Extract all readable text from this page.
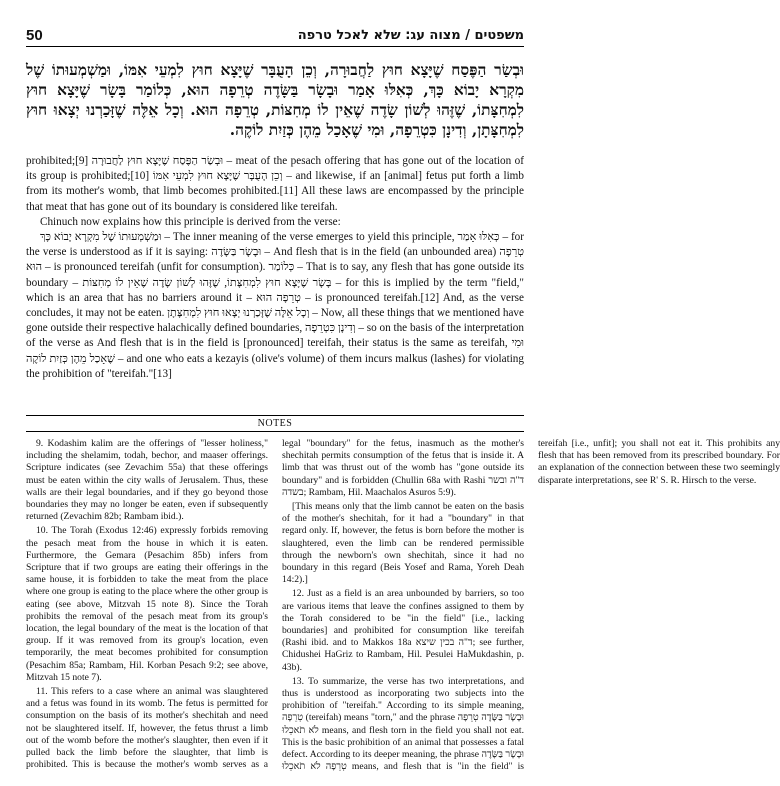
50	משפטים / מצוה עג: שלא לאכל טרפה
וּבְשַׂר הַפֶּסַח שֶׁיָּצָא חוּץ לַחֲבוּרָה, וְכֵן הָעֻבָּר שֶׁיָּצָא חוּץ לִמְעֵי אִמּוֹ, וּמַשְׁמְעוּתוֹ שֶׁל מִקְרָא יָבוֹא כָּךְ, כְּאִלּוּ אָמַר וּבָשָׂר בַּשָּׂדֶה טְרֵפָה הוּא, כְּלוֹמַר בָּשָׂר שֶׁיָּצָא חוּץ לִמְחִצָּתוֹ, שֶׁזֶּהוּ לְשׁוֹן שָׂדֶה שֶׁאֵין לוֹ מְחִצּוֹת, טְרֵפָה הוּא. וְכָל אֵלֶּה שֶׁזָּכַרְנוּ יְצָאוּ חוּץ לִמְחִצָּתָן, וְדִינָן כִּטְרֵפָה, וּמִי שֶׁאָכַל מֵהֶן כְּזַיִת לוֹקֶה.

prohibited;[9] וּבְשַׂר הַפֶּסַח שֶׁיָּצָא חוּץ לַחֲבוּרָה – meat of the pesach offering that has gone out of the location of its group is prohibited;[10] וְכֵן הָעֻבָּר שֶׁיָּצָא חוּץ לִמְעֵי אִמּוֹ – and likewise, if an [animal] fetus put forth a limb from its mother's womb, that limb becomes prohibited.[11] All these laws are encompassed by the principle that meat that has gone out of its boundary is considered like tereifah.

Chinuch now explains how this principle is derived from the verse:

וּמַשְׁמְעוּתוֹ שֶׁל מִקְרָא יָבוֹא כָּךְ – The inner meaning of the verse emerges to yield this principle, כְּאִלּוּ אָמַר – for the verse is understood as if it is saying: וּבָשָׂר בַּשָּׂדֶה – And flesh that is in the field (an unbounded area) טְרֵפָה הוּא – is pronounced tereifah (unfit for consumption). כְּלוֹמַר – That is to say, any flesh that has gone outside its boundary – בָּשָׂר שֶׁיָּצָא חוּץ לִמְחִצָּתוֹ, שֶׁזֶּהוּ לְשׁוֹן שָׂדֶה שֶׁאֵין לוֹ מְחִצּוֹת – for this is implied by the term "field," which is an area that has no barriers around it – טְרֵפָה הוּא – is pronounced tereifah.[12] And, as the verse concludes, it may not be eaten. וְכָל אֵלֶּה שֶׁזָּכַרְנוּ יְצָאוּ חוּץ לִמְחִצָּתָן – Now, all these things that we mentioned have gone outside their respective halachically defined boundaries, וְדִינָן כִּטְרֵפָה – so on the basis of the interpretation of the verse as And flesh that is in the field is [pronounced] tereifah, their status is the same as tereifah, וּמִי שֶׁאָכַל מֵהֶן כְּזַיִת לוֹקֶה – and one who eats a kezayis (olive's volume) of them incurs malkus (lashes) for violating the prohibition of "tereifah."[13]

NOTES

9. Kodashim kalim are the offerings of "lesser holiness," including the shelamim, todah, bechor, and maaser offerings. Scripture indicates (see Zevachim 55a) that these offerings must be eaten within the city walls of Jerusalem. Thus, these walls are their legal boundaries, and if they go beyond those boundaries they may no longer be eaten, even if subsequently returned (Zevachim 82b; Rambam ibid.).

10. The Torah (Exodus 12:46) expressly forbids removing the pesach meat from the house in which it is eaten. Furthermore, the Gemara (Pesachim 85b) infers from Scripture that if two groups are eating their offerings in the same house, it is forbidden to take the meat from the place where one group is eating to the place where the other group is eating (see above, Mitzvah 15 note 8). Since the Torah prohibits the removal of the pesach meat from its group's location, the legal boundary of the meat is the location of that group. If it was removed from its group's location, even temporarily, the meat becomes prohibited for consumption (Pesachim 85a; Rambam, Hil. Korban Pesach 9:2; see above, Mitzvah 15 note 7).

11. This refers to a case where an animal was slaughtered and a fetus was found in its womb. The fetus is permitted for consumption on the basis of its mother's shechitah and need not be slaughtered itself. If, however, the fetus thrust a limb out of the womb before the mother's slaughter, then even if it pulled back the limb before the slaughter, that limb is prohibited. This is because the mother's womb serves as a legal "boundary" for the fetus, inasmuch as the mother's shechitah permits consumption of the fetus that is inside it. A limb that was thrust out of the womb has "gone outside its boundary" and is forbidden (Chullin 68a with Rashi ד"ה ובשר בשדה; Rambam, Hil. Maachalos Asuros 5:9).

[This means only that the limb cannot be eaten on the basis of the mother's shechitah, for it had a "boundary" in that regard only. If, however, the fetus is born before the mother is slaughtered, even the limb can be rendered permissible through the newborn's own shechitah, since it had no boundary in this regard (Beis Yosef and Rama, Yoreh Deah 14:2).]

12. Just as a field is an area unbounded by barriers, so too are various items that leave the confines assigned to them by the Torah considered to be "in the field" [i.e., lacking boundaries] and prohibited for consumption like tereifah (Rashi ibid. and to Makkos 18a ד"ה בכין שיצא; see further, Chidushei HaGriz to Rambam, Hil. Pesulei HaMukdashin, p. 43b).

13. To summarize, the verse has two interpretations, and thus is understood as incorporating two subjects into the prohibition of "tereifah." According to its simple meaning, טְרֵפָה (tereifah) means "torn," and the phrase וּבָשָׂר בַּשָּׂדֶה טְרֵפָה לֹא תֹאכֵלוּ means, and flesh torn in the field you shall not eat. This is the basic prohibition of an animal that possesses a fatal defect. According to its deeper meaning, the phrase וּבָשָׂר בַּשָּׂדֶה טְרֵפָה לֹא תֹאכֵלוּ means, and flesh that is "in the field" is tereifah [i.e., unfit]; you shall not eat it. This prohibits any flesh that has been removed from its prescribed boundary. For an explanation of the connection between these two seemingly disparate interpretations, see R' S. R. Hirsch to the verse.
